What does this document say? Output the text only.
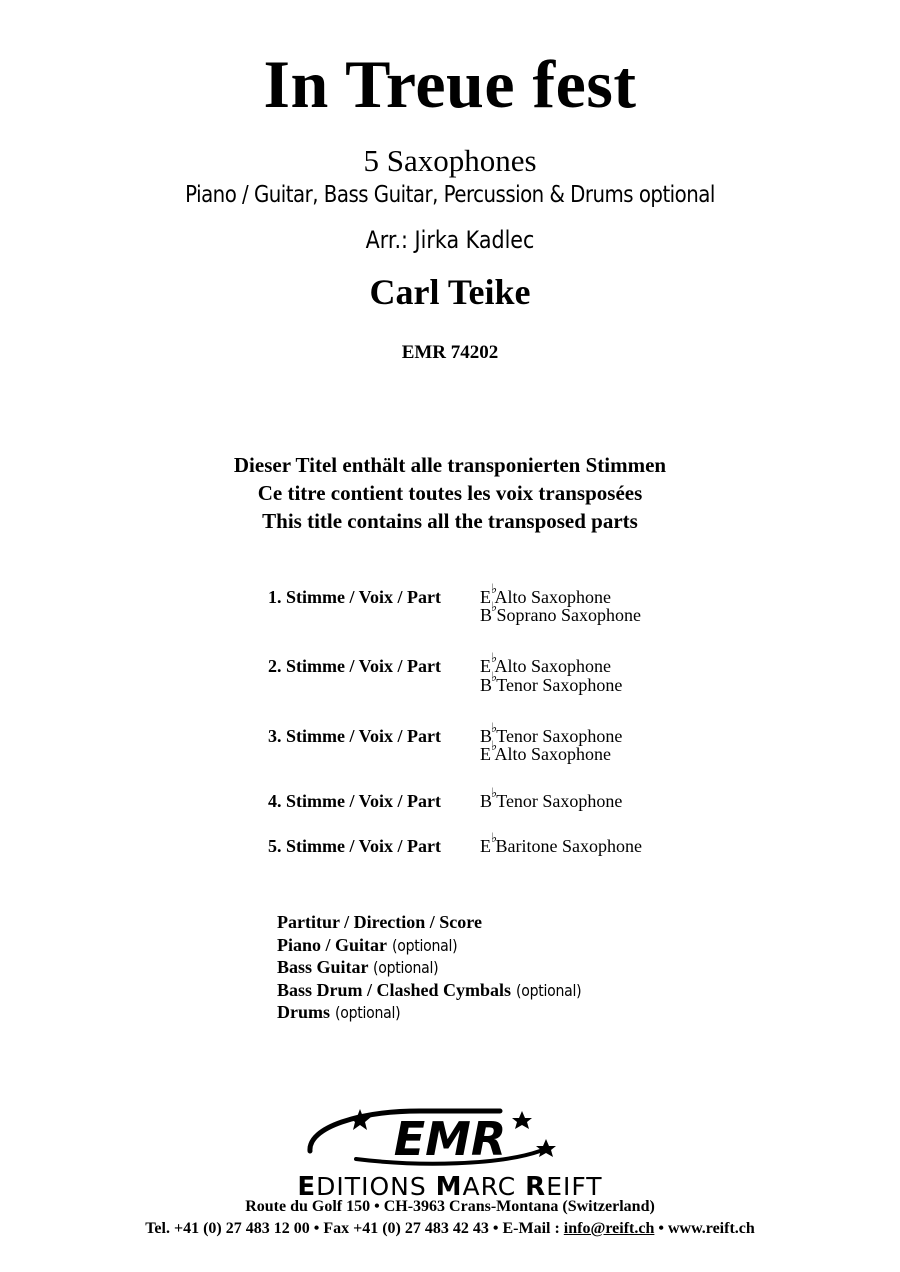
In Treue fest
5 Saxophones
Piano / Guitar, Bass Guitar, Percussion & Drums optional
Arr.: Jirka Kadlec
Carl Teike
EMR 74202
Dieser Titel enthält alle transponierten Stimmen
Ce titre contient toutes les voix transposées
This title contains all the transposed parts
1. Stimme / Voix / Part E ♭
Alto Saxophone
B
♭ Soprano Saxophone
2. Stimme / Voix / Part E ♭
Alto Saxophone
B
♭ Tenor Saxophone
3. Stimme / Voix / Part B
♭ Tenor Saxophone
E ♭
Alto Saxophone
4. Stimme / Voix / Part B
♭ Tenor Saxophone
5. Stimme / Voix / Part E ♭
Baritone Saxophone
Partitur / Direction / Score
Piano / Guitar (optional)
Bass Guitar (optional)
Bass Drum / Clashed Cymbals (optional)
Drums (optional)
EMR
EDITIONS MARC REIFT
Route du Golf 150 • CH-3963 Crans-Montana (Switzerland)
Tel. +41 (0) 27 483 12 00 • Fax +41 (0) 27 483 42 43 • E-Mail : info@reift.ch • www.reift.ch
